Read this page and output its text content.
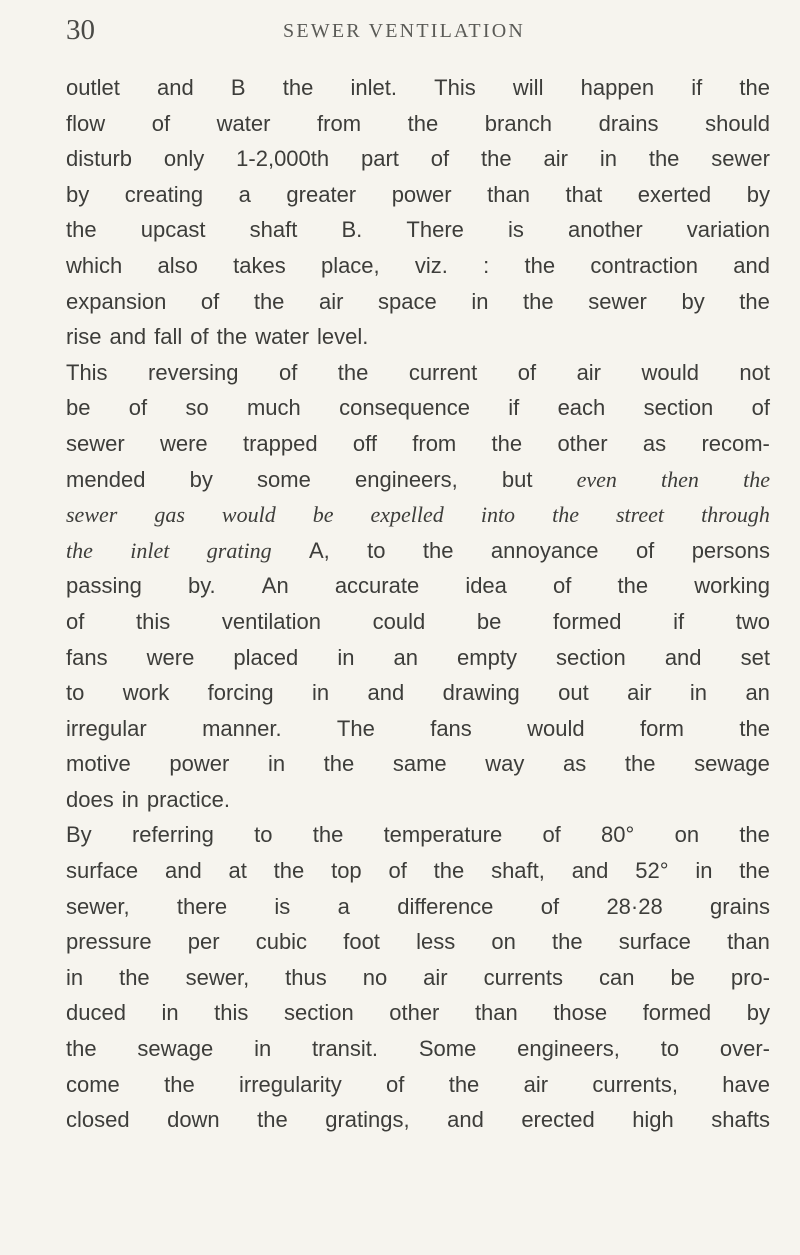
30	SEWER VENTILATION
outlet and B the inlet. This will happen if the
flow of water from the branch drains should
disturb only 1-2,000th part of the air in the sewer
by creating a greater power than that exerted by
the upcast shaft B. There is another variation
which also takes place, viz. : the contraction and
expansion of the air space in the sewer by the
rise and fall of the water level.
This reversing of the current of air would not
be of so much consequence if each section of
sewer were trapped off from the other as recom-
mended by some engineers, but even then the
sewer gas would be expelled into the street through
the inlet grating A, to the annoyance of persons
passing by. An accurate idea of the working
of this ventilation could be formed if two
fans were placed in an empty section and set
to work forcing in and drawing out air in an
irregular	manner.	The	fans	would	form	the
motive power in the same way as the sewage
does in practice.
By referring to the temperature of 80° on the
surface and at the top of the shaft, and 52° in the
sewer, there is a difference of 28·28 grains
pressure per cubic foot less on the surface than
in the sewer, thus no air currents can be pro-
duced in this section other than those formed by
the sewage in transit. Some engineers, to over-
come the irregularity of the air currents, have
closed down the gratings, and erected high shafts
